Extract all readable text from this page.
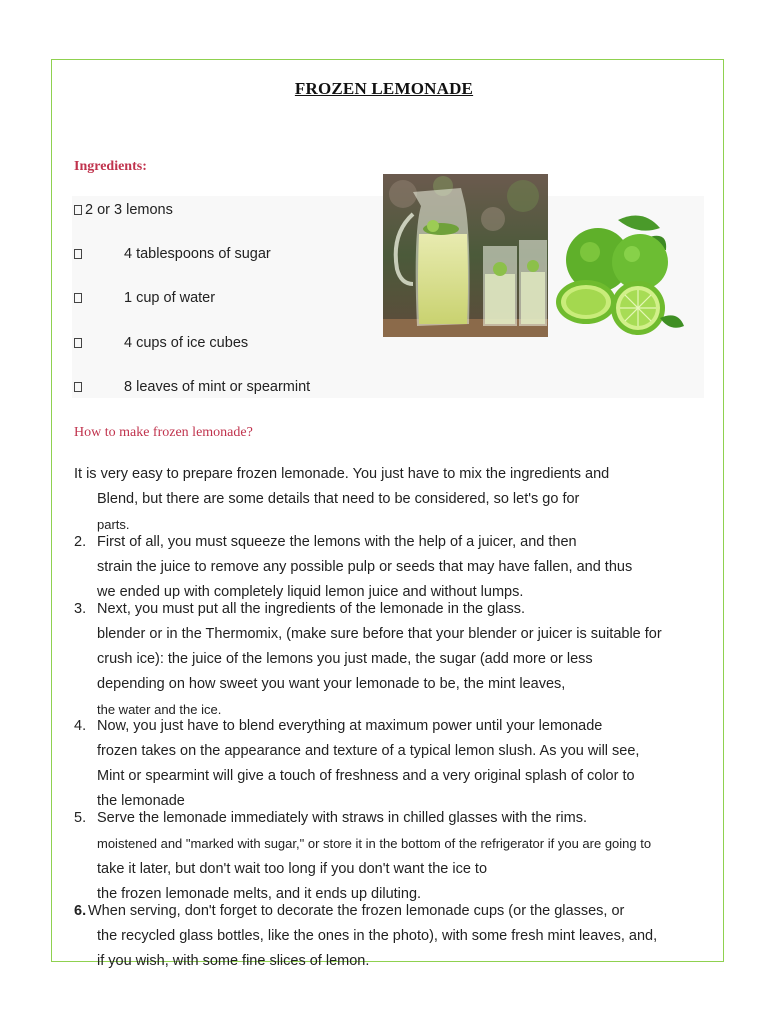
FROZEN LEMONADE
Ingredients:
2 or 3 lemons
4 tablespoons of sugar
1 cup of water
4 cups of ice cubes
8 leaves of mint or spearmint
How to make frozen lemonade?
It is very easy to prepare frozen lemonade. You just have to mix the ingredients and
Blend, but there are some details that need to be considered, so let's go for
parts.
2. First of all, you must squeeze the lemons with the help of a juicer, and then
strain the juice to remove any possible pulp or seeds that may have fallen, and thus
we ended up with completely liquid lemon juice and without lumps.
3. Next, you must put all the ingredients of the lemonade in the glass.
blender or in the Thermomix, (make sure before that your blender or juicer is suitable for
crush ice): the juice of the lemons you just made, the sugar (add more or less
depending on how sweet you want your lemonade to be, the mint leaves,
the water and the ice.
4. Now, you just have to blend everything at maximum power until your lemonade
frozen takes on the appearance and texture of a typical lemon slush. As you will see,
Mint or spearmint will give a touch of freshness and a very original splash of color to
the lemonade
5. Serve the lemonade immediately with straws in chilled glasses with the rims.
moistened and "marked with sugar," or store it in the bottom of the refrigerator if you are going to
take it later, but don't wait too long if you don't want the ice to
the frozen lemonade melts, and it ends up diluting.
6. When serving, don't forget to decorate the frozen lemonade cups (or the glasses, or
the recycled glass bottles, like the ones in the photo), with some fresh mint leaves, and,
if you wish, with some fine slices of lemon.
